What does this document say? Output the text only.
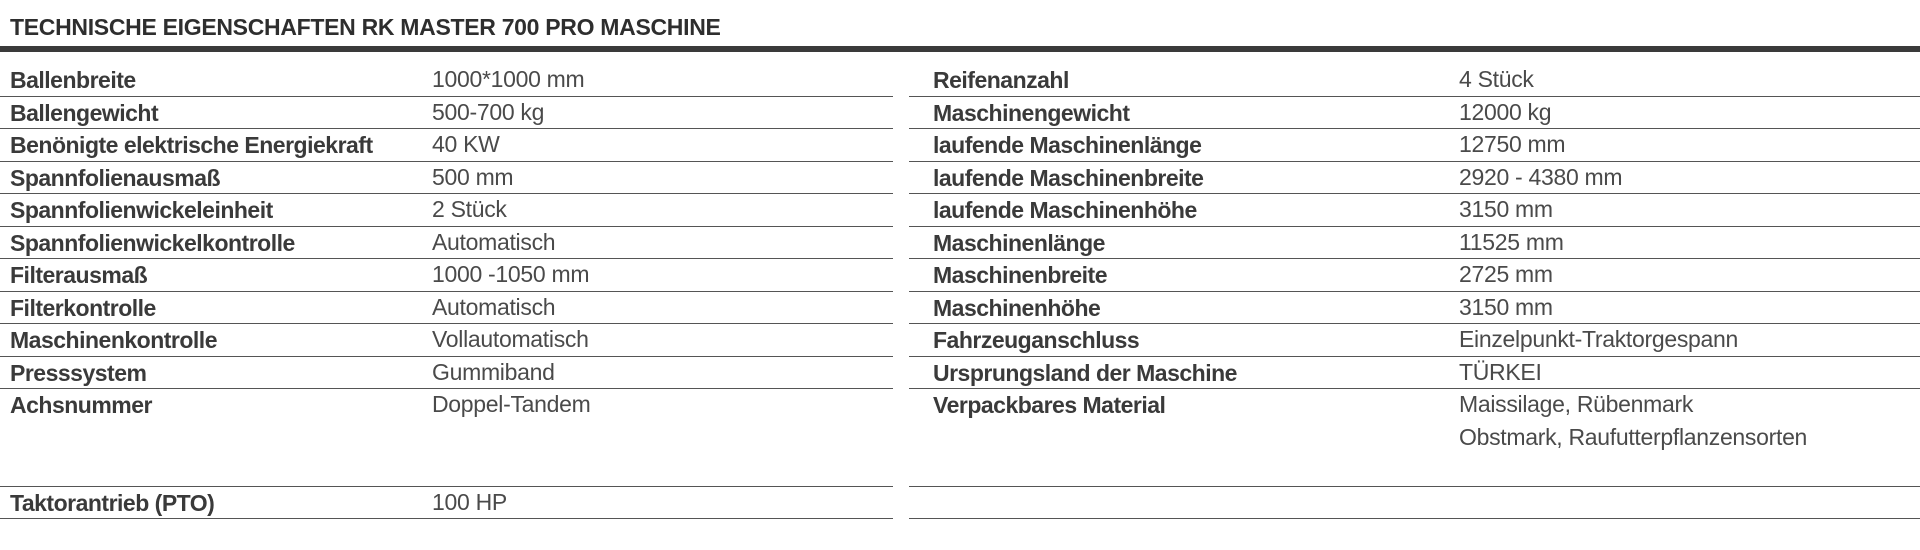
TECHNISCHE EIGENSCHAFTEN RK MASTER 700 PRO MASCHINE
Ballenbreite	1000*1000 mm
Ballengewicht	500-700 kg
Benönigte elektrische Energiekraft	40 KW
Spannfolienausmaß	500 mm
Spannfolienwickeleinheit	2 Stück
Spannfolienwickelkontrolle	Automatisch
Filterausmaß	1000 -1050 mm
Filterkontrolle	Automatisch
Maschinenkontrolle	Vollautomatisch
Presssystem	Gummiband
Achsnummer	Doppel-Tandem
Taktorantrieb (PTO)	100 HP
Reifenanzahl	4 Stück
Maschinengewicht	12000 kg
laufende Maschinenlänge	12750 mm
laufende Maschinenbreite	2920 - 4380 mm
laufende Maschinenhöhe	3150 mm
Maschinenlänge	11525 mm
Maschinenbreite	2725 mm
Maschinenhöhe	3150 mm
Fahrzeuganschluss	Einzelpunkt-Traktorgespann
Ursprungsland der Maschine	TÜRKEI
Verpackbares Material	Maissilage, Rübenmark
Obstmark, Raufutterpflanzensorten
